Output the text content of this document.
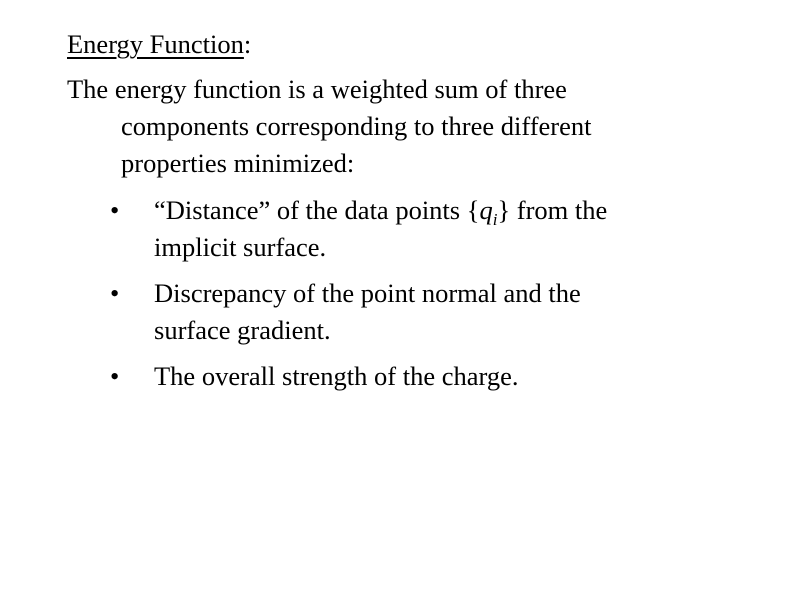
Energy Function:

The energy function is a weighted sum of three
components corresponding to three different
properties minimized:

• “Distance” of the data points $\{q_i\}$ from the
implicit surface.
• Discrepancy of the point normal and the
surface gradient.
• The overall strength of the charge.
